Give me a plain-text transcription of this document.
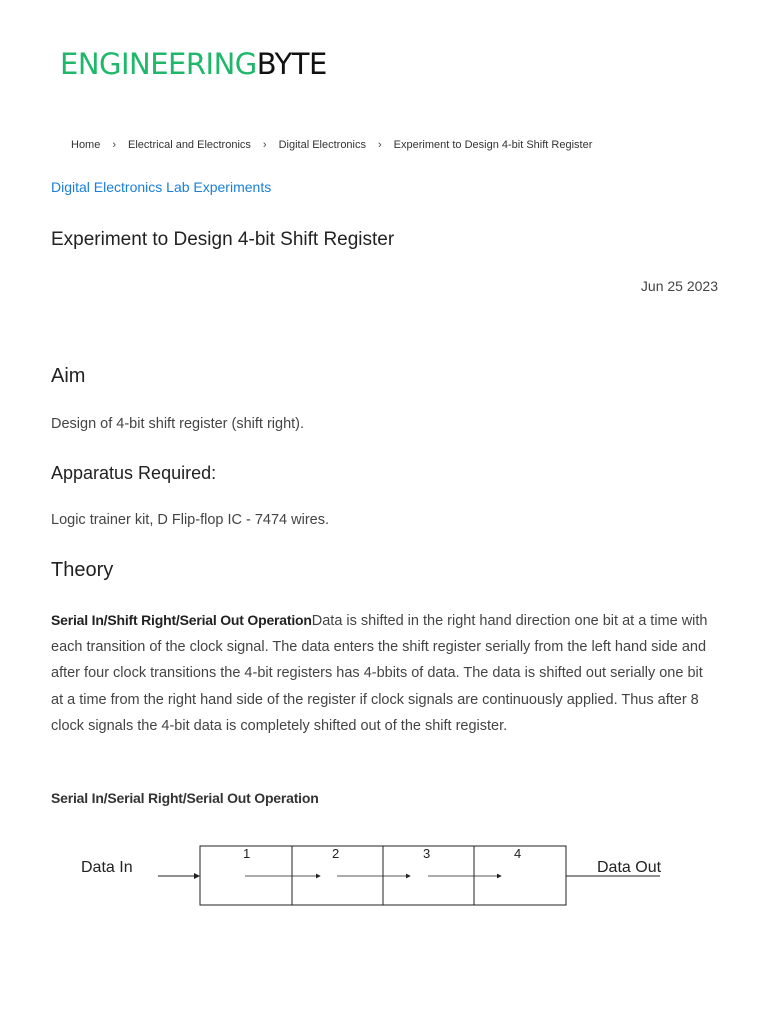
ENGINEERINGBYTE
Home › Electrical and Electronics › Digital Electronics › Experiment to Design 4-bit Shift Register
Digital Electronics Lab Experiments
Experiment to Design 4-bit Shift Register
Jun 25 2023
Aim

Design of 4-bit shift register (shift right).

Apparatus Required:

Logic trainer kit, D Flip-flop IC - 7474 wires.

Theory

Serial In/Shift Right/Serial Out OperationData is shifted in the right hand direction one bit at a time with each transition of the clock signal. The data enters the shift register serially from the left hand side and after four clock transitions the 4-bit registers has 4-bbits of data. The data is shifted out serially one bit at a time from the right hand side of the register if clock signals are continuously applied. Thus after 8 clock signals the 4-bit data is completely shifted out of the shift register.

Serial In/Serial Right/Serial Out Operation
Data In
1	2	3	4
Data Out
